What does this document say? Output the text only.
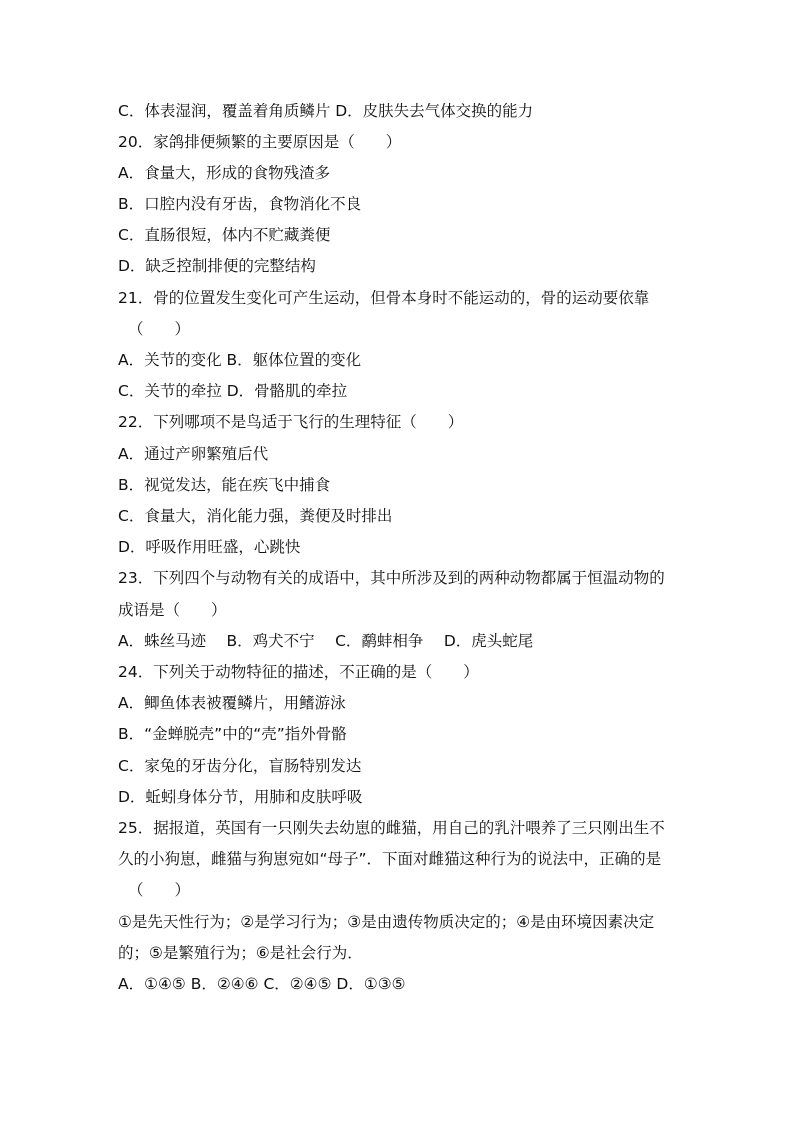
C．体表湿润，覆盖着角质鳞片 D．皮肤失去气体交换的能力
20．家鸽排便频繁的主要原因是（　　）
A．食量大，形成的食物残渣多
B．口腔内没有牙齿，食物消化不良
C．直肠很短，体内不贮藏粪便
D．缺乏控制排便的完整结构
21．骨的位置发生变化可产生运动，但骨本身时不能运动的，骨的运动要依靠
（　　）
A．关节的变化 B．躯体位置的变化
C．关节的牵拉 D．骨骼肌的牵拉
22．下列哪项不是鸟适于飞行的生理特征（　　）
A．通过产卵繁殖后代
B．视觉发达，能在疾飞中捕食
C．食量大，消化能力强，粪便及时排出
D．呼吸作用旺盛，心跳快
23．下列四个与动物有关的成语中，其中所涉及到的两种动物都属于恒温动物的
成语是（　　）
A．蛛丝马迹　 B．鸡犬不宁　 C．鹬蚌相争　 D．虎头蛇尾
24．下列关于动物特征的描述，不正确的是（　　）
A．鲫鱼体表被覆鳞片，用鳍游泳
B．“金蝉脱壳”中的“壳”指外骨骼
C．家兔的牙齿分化，盲肠特别发达
D．蚯蚓身体分节，用肺和皮肤呼吸
25．据报道，英国有一只刚失去幼崽的雌猫，用自己的乳汁喂养了三只刚出生不
久的小狗崽，雌猫与狗崽宛如“母子”．下面对雌猫这种行为的说法中，正确的是
（　　）
①是先天性行为；②是学习行为；③是由遗传物质决定的；④是由环境因素决定
的；⑤是繁殖行为；⑥是社会行为．
A．①④⑤ B．②④⑥ C．②④⑤ D．①③⑤
